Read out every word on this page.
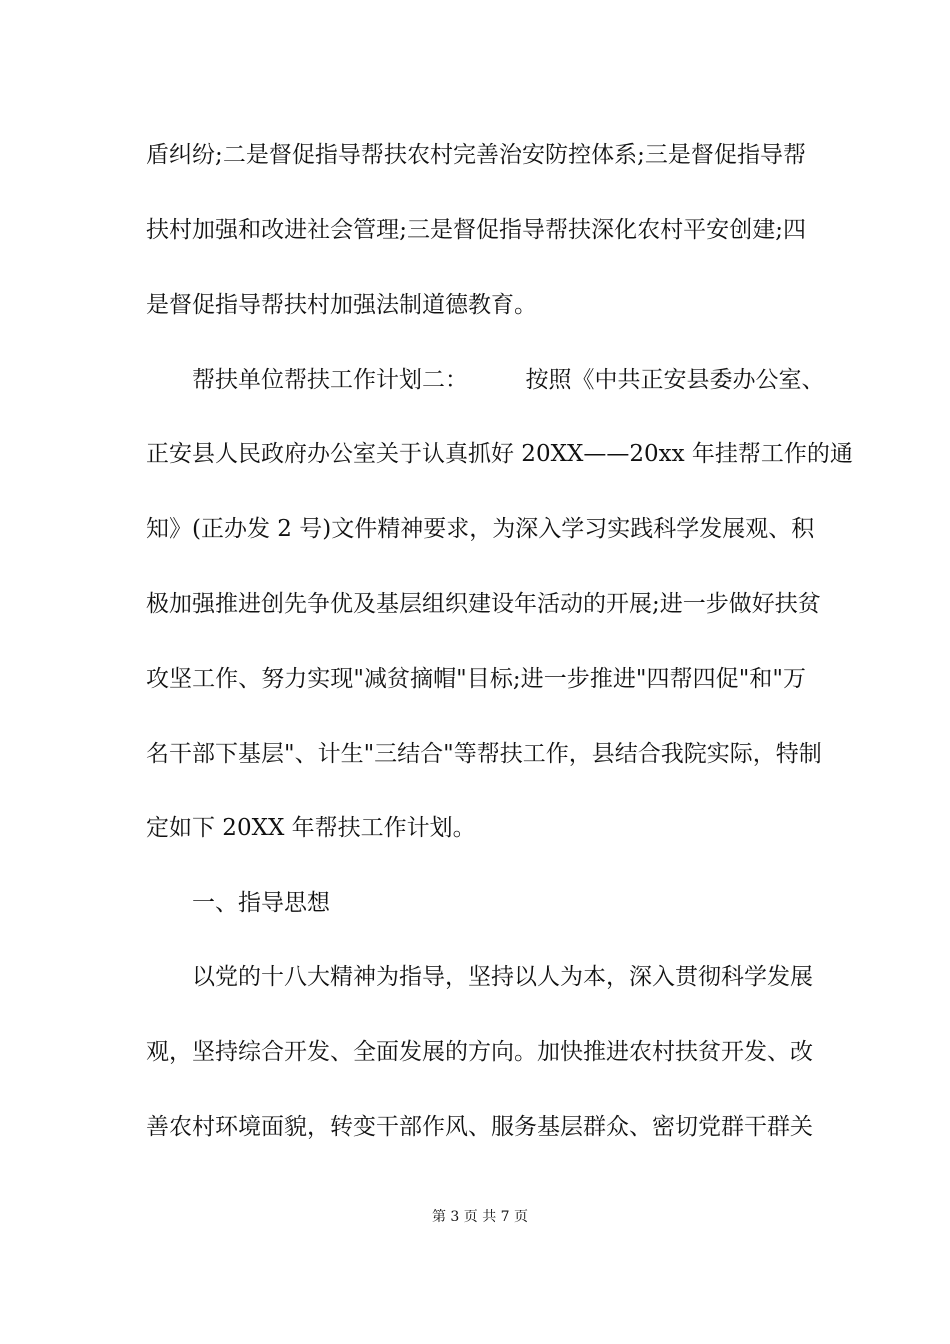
盾纠纷;二是督促指导帮扶农村完善治安防控体系;三是督促指导帮
扶村加强和改进社会管理;三是督促指导帮扶深化农村平安创建;四
是督促指导帮扶村加强法制道德教育。
帮扶单位帮扶工作计划二：　　　按照《中共正安县委办公室、
正安县人民政府办公室关于认真抓好 20XX——20xx 年挂帮工作的通
知》(正办发 2 号)文件精神要求，为深入学习实践科学发展观、积
极加强推进创先争优及基层组织建设年活动的开展;进一步做好扶贫
攻坚工作、努力实现"减贫摘帽"目标;进一步推进"四帮四促"和"万
名干部下基层"、计生"三结合"等帮扶工作，县结合我院实际，特制
定如下 20XX 年帮扶工作计划。
一、指导思想
以党的十八大精神为指导，坚持以人为本，深入贯彻科学发展
观，坚持综合开发、全面发展的方向。加快推进农村扶贫开发、改
善农村环境面貌，转变干部作风、服务基层群众、密切党群干群关
第 3 页 共 7 页
